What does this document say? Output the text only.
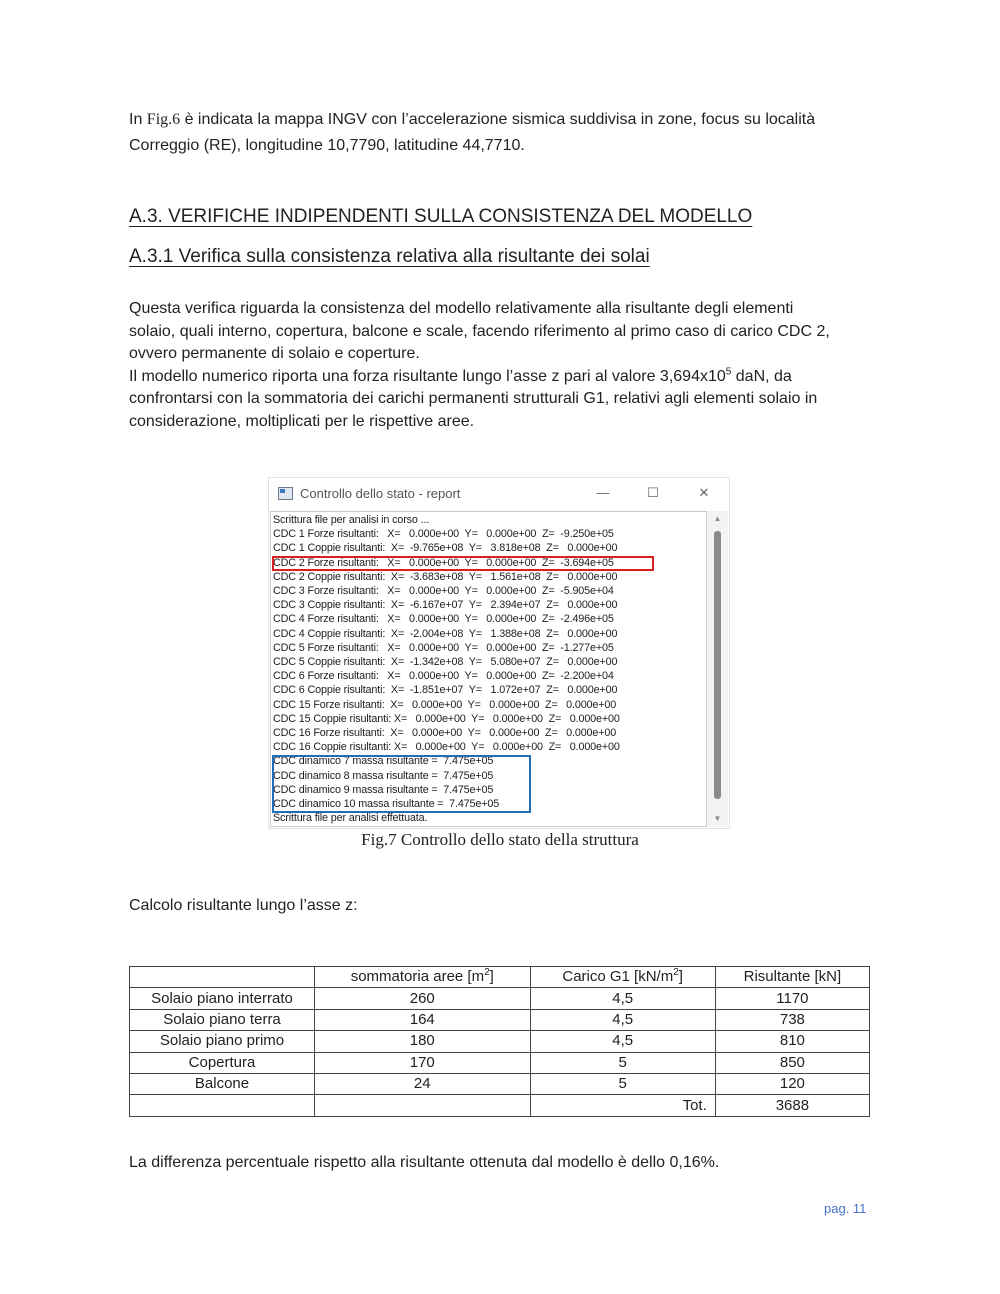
In Fig.6 è indicata la mappa INGV con l’accelerazione sismica suddivisa in zone, focus su località
Correggio (RE), longitudine 10,7790, latitudine 44,7710.
A.3. VERIFICHE INDIPENDENTI SULLA CONSISTENZA DEL MODELLO
A.3.1 Verifica sulla consistenza relativa alla risultante dei solai
Questa verifica riguarda la consistenza del modello relativamente alla risultante degli elementi
solaio, quali interno, copertura, balcone e scale, facendo riferimento al primo caso di carico CDC 2,
ovvero permanente di solaio e coperture.
Il modello numerico riporta una forza risultante lungo l’asse z pari al valore $3,694x10^5$ daN, da
confrontarsi con la sommatoria dei carichi permanenti strutturali G1, relativi agli elementi solaio in
considerazione, moltiplicati per le rispettive aree.
Controllo dello stato - report	—	☐	✕
Scrittura file per analisi in corso ...
CDC 1 Forze risultanti:   X=   0.000e+00  Y=   0.000e+00  Z=  -9.250e+05
CDC 1 Coppie risultanti:  X=  -9.765e+08  Y=   3.818e+08  Z=   0.000e+00
CDC 2 Forze risultanti:   X=   0.000e+00  Y=   0.000e+00  Z=  -3.694e+05
CDC 2 Coppie risultanti:  X=  -3.683e+08  Y=   1.561e+08  Z=   0.000e+00
CDC 3 Forze risultanti:   X=   0.000e+00  Y=   0.000e+00  Z=  -5.905e+04
CDC 3 Coppie risultanti:  X=  -6.167e+07  Y=   2.394e+07  Z=   0.000e+00
CDC 4 Forze risultanti:   X=   0.000e+00  Y=   0.000e+00  Z=  -2.496e+05
CDC 4 Coppie risultanti:  X=  -2.004e+08  Y=   1.388e+08  Z=   0.000e+00
CDC 5 Forze risultanti:   X=   0.000e+00  Y=   0.000e+00  Z=  -1.277e+05
CDC 5 Coppie risultanti:  X=  -1.342e+08  Y=   5.080e+07  Z=   0.000e+00
CDC 6 Forze risultanti:   X=   0.000e+00  Y=   0.000e+00  Z=  -2.200e+04
CDC 6 Coppie risultanti:  X=  -1.851e+07  Y=   1.072e+07  Z=   0.000e+00
CDC 15 Forze risultanti:  X=   0.000e+00  Y=   0.000e+00  Z=   0.000e+00
CDC 15 Coppie risultanti: X=   0.000e+00  Y=   0.000e+00  Z=   0.000e+00
CDC 16 Forze risultanti:  X=   0.000e+00  Y=   0.000e+00  Z=   0.000e+00
CDC 16 Coppie risultanti: X=   0.000e+00  Y=   0.000e+00  Z=   0.000e+00
CDC dinamico 7 massa risultante =  7.475e+05
CDC dinamico 8 massa risultante =  7.475e+05
CDC dinamico 9 massa risultante =  7.475e+05
CDC dinamico 10 massa risultante =  7.475e+05
Scrittura file per analisi effettuata.
▲
▼
Fig.7 Controllo dello stato della struttura
Calcolo risultante lungo l’asse z:
	sommatoria aree $[m^2]$	Carico G1 $[kN/m^2]$	Risultante [kN]
Solaio piano interrato	260	4,5	1170
Solaio piano terra	164	4,5	738
Solaio piano primo	180	4,5	810
Copertura	170	5	850
Balcone	24	5	120
		Tot.	3688
La differenza percentuale rispetto alla risultante ottenuta dal modello è dello 0,16%.
pag. 11
